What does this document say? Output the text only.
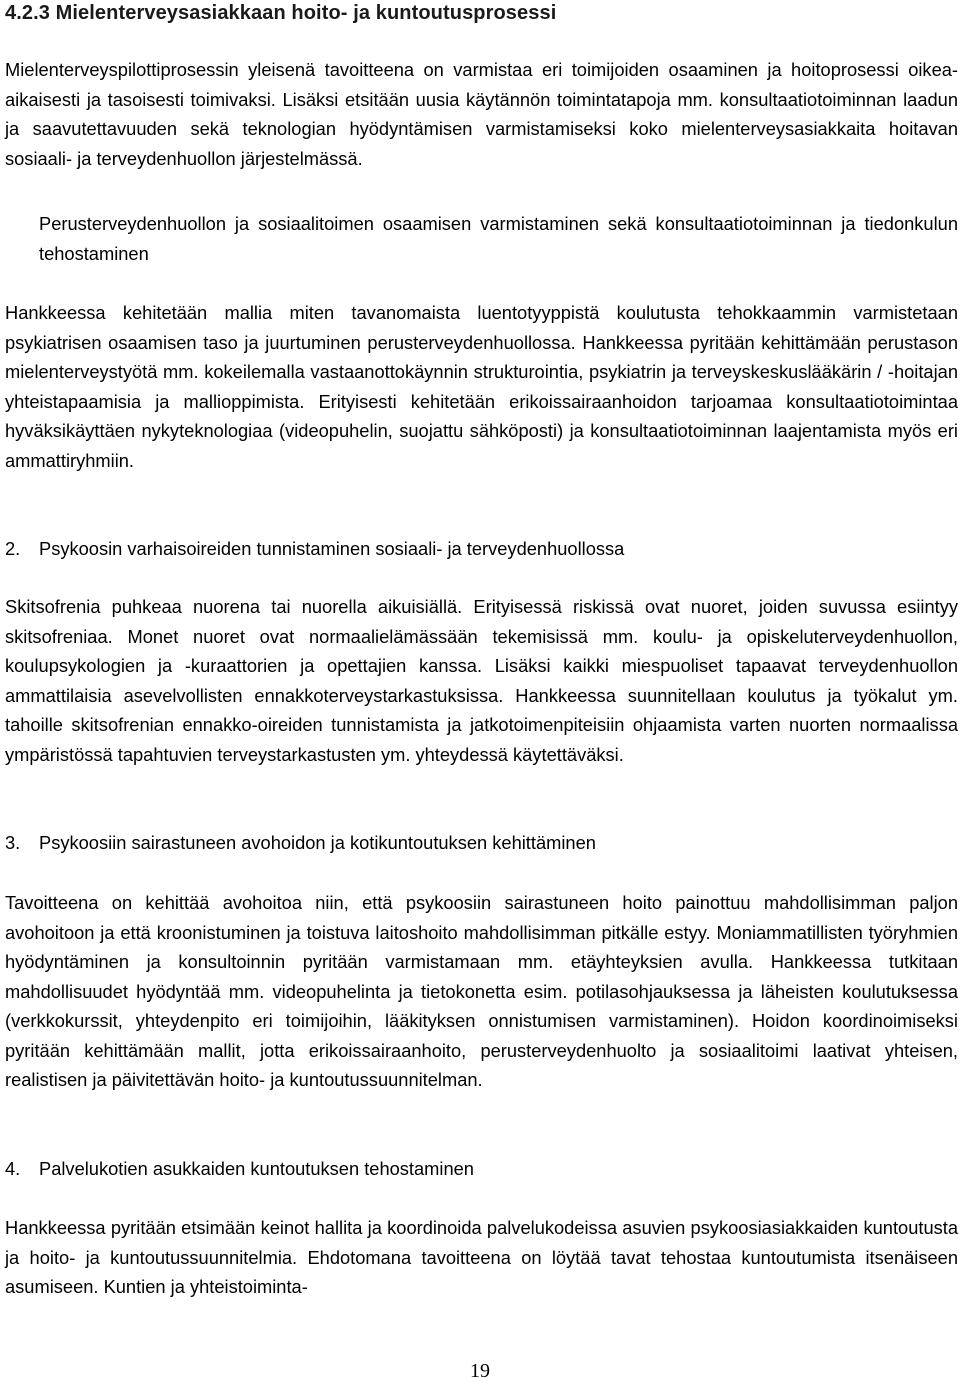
4.2.3 Mielenterveysasiakkaan hoito- ja kuntoutusprosessi

Mielenterveyspilottiprosessin yleisenä tavoitteena on varmistaa eri toimijoiden osaaminen ja hoitoprosessi oikea-aikaisesti ja tasoisesti toimivaksi. Lisäksi etsitään uusia käytännön toimintatapoja mm. konsultaatiotoiminnan laadun ja saavutettavuuden sekä teknologian hyödyntämisen varmistamiseksi koko mielenterveysasiakkaita hoitavan sosiaali- ja terveydenhuollon järjestelmässä.

Perusterveydenhuollon ja sosiaalitoimen osaamisen varmistaminen sekä konsultaatiotoiminnan ja tiedonkulun tehostaminen

Hankkeessa kehitetään mallia miten tavanomaista luentotyyppistä koulutusta tehokkaammin varmistetaan psykiatrisen osaamisen taso ja juurtuminen perusterveydenhuollossa. Hankkeessa pyritään kehittämään perustason mielenterveystyötä mm. kokeilemalla vastaanottokäynnin strukturointia, psykiatrin ja terveyskeskuslääkärin / -hoitajan yhteistapaamisia ja mallioppimista. Erityisesti kehitetään erikoissairaanhoidon tarjoamaa konsultaatiotoimintaa hyväksikäyttäen nykyteknologiaa (videopuhelin, suojattu sähköposti) ja konsultaatiotoiminnan laajentamista myös eri ammattiryhmiin.

2. Psykoosin varhaisoireiden tunnistaminen sosiaali- ja terveydenhuollossa

Skitsofrenia puhkeaa nuorena tai nuorella aikuisiällä. Erityisessä riskissä ovat nuoret, joiden suvussa esiintyy skitsofreniaa. Monet nuoret ovat normaalielämässään tekemisissä mm. koulu- ja opiskeluterveydenhuollon, koulupsykologien ja -kuraattorien ja opettajien kanssa. Lisäksi kaikki miespuoliset tapaavat terveydenhuollon ammattilaisia asevelvollisten ennakkoterveystarkastuksissa. Hankkeessa suunnitellaan koulutus ja työkalut ym. tahoille skitsofrenian ennakko-oireiden tunnistamista ja jatkotoimenpiteisiin ohjaamista varten nuorten normaalissa ympäristössä tapahtuvien terveystarkastusten ym. yhteydessä käytettäväksi.

3. Psykoosiin sairastuneen avohoidon ja kotikuntoutuksen kehittäminen

Tavoitteena on kehittää avohoitoa niin, että psykoosiin sairastuneen hoito painottuu mahdollisimman paljon avohoitoon ja että kroonistuminen ja toistuva laitoshoito mahdollisimman pitkälle estyy. Moniammatillisten työryhmien hyödyntäminen ja konsultoinnin pyritään varmistamaan mm. etäyhteyksien avulla. Hankkeessa tutkitaan mahdollisuudet hyödyntää mm. videopuhelinta ja tietokonetta esim. potilasohjauksessa ja läheisten koulutuksessa (verkkokurssit, yhteydenpito eri toimijoihin, lääkityksen onnistumisen varmistaminen). Hoidon koordinoimiseksi pyritään kehittämään mallit, jotta erikoissairaanhoito, perusterveydenhuolto ja sosiaalitoimi laativat yhteisen, realistisen ja päivitettävän hoito- ja kuntoutussuunnitelman.

4. Palvelukotien asukkaiden kuntoutuksen tehostaminen

Hankkeessa pyritään etsimään keinot hallita ja koordinoida palvelukodeissa asuvien psykoosiasiakkaiden kuntoutusta ja hoito- ja kuntoutussuunnitelmia. Ehdotomana tavoitteena on löytää tavat tehostaa kuntoutumista itsenäiseen asumiseen. Kuntien ja yhteistoiminta-

19
